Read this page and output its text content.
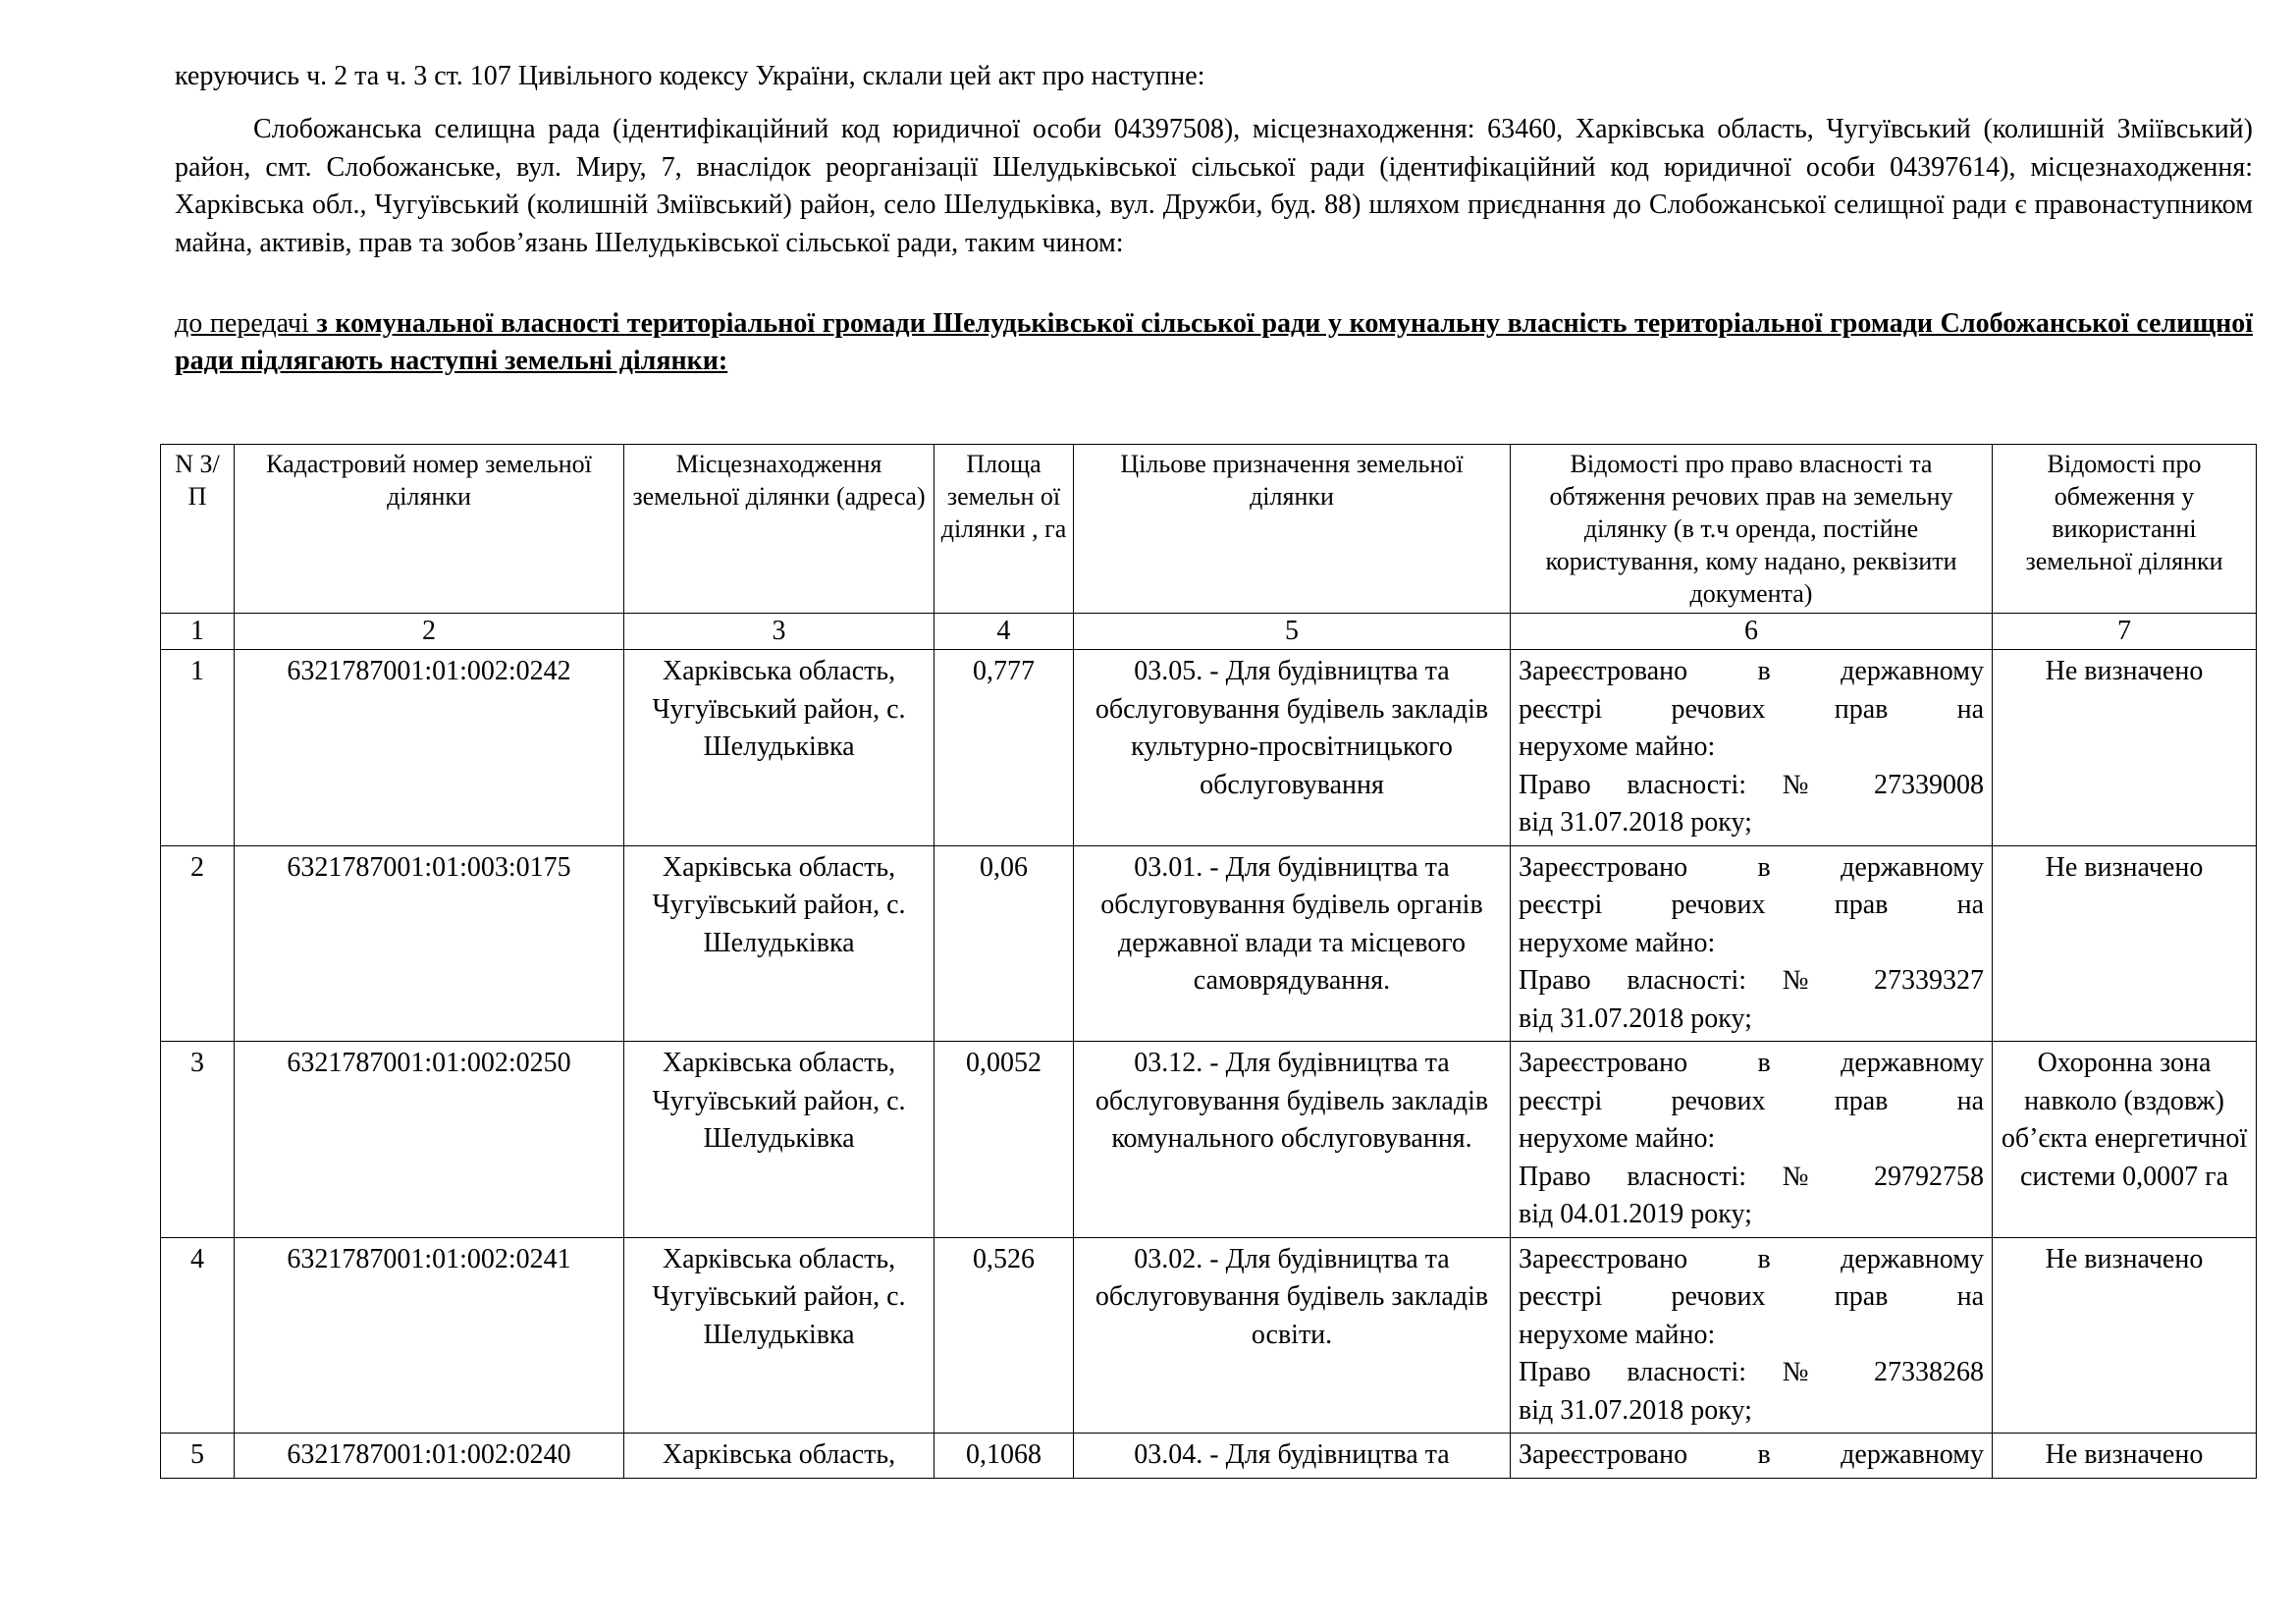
керуючись ч. 2 та ч. 3 ст. 107 Цивільного кодексу України, склали цей акт про наступне:
Слобожанська селищна рада (ідентифікаційний код юридичної особи 04397508), місцезнаходження: 63460, Харківська область, Чугуївський (колишній Зміївський) район, смт. Слобожанське, вул. Миру, 7, внаслідок реорганізації Шелудьківської сільської ради (ідентифікаційний код юридичної особи 04397614), місцезнаходження: Харківська обл., Чугуївський (колишній Зміївський) район, село Шелудьківка, вул. Дружби, буд. 88) шляхом приєднання до Слобожанської селищної ради є правонаступником майна, активів, прав та зобов’язань Шелудьківської сільської ради, таким чином:
до передачі з комунальної власності територіальної громади Шелудьківської сільської ради у комунальну власність територіальної громади Слобожанської селищної ради підлягають наступні земельні ділянки:
N З/ П	Кадастровий номер земельної ділянки	Місцезнаходження земельної ділянки (адреса)	Площа земельн ої ділянки , га	Цільове призначення земельної ділянки	Відомості про право власності та обтяження речових прав на земельну ділянку (в т.ч оренда, постійне користування, кому надано, реквізити документа)	Відомості про обмеження у використанні земельної ділянки
1	2	3	4	5	6	7
1	6321787001:01:002:0242	Харківська область, Чугуївський район, с. Шелудьківка	0,777	03.05. - Для будівництва та обслуговування будівель закладів культурно-просвітницького обслуговування	Зареєстровано в державному
реєстрі речових прав на
нерухоме майно:
Право власності: № 27339008
від 31.07.2018 року;	Не визначено
2	6321787001:01:003:0175	Харківська область, Чугуївський район, с. Шелудьківка	0,06	03.01. - Для будівництва та обслуговування будівель органів державної влади та місцевого самоврядування.	Зареєстровано в державному
реєстрі речових прав на
нерухоме майно:
Право власності: № 27339327
від 31.07.2018 року;	Не визначено
3	6321787001:01:002:0250	Харківська область, Чугуївський район, с. Шелудьківка	0,0052	03.12. - Для будівництва та обслуговування будівель закладів комунального обслуговування.	Зареєстровано в державному
реєстрі речових прав на
нерухоме майно:
Право власності: № 29792758
від 04.01.2019 року;	Охоронна зона навколо (вздовж) об’єкта енергетичної системи 0,0007 га
4	6321787001:01:002:0241	Харківська область, Чугуївський район, с. Шелудьківка	0,526	03.02. - Для будівництва та обслуговування будівель закладів освіти.	Зареєстровано в державному
реєстрі речових прав на
нерухоме майно:
Право власності: № 27338268
від 31.07.2018 року;	Не визначено
5	6321787001:01:002:0240	Харківська область,	0,1068	03.04. - Для будівництва та	Зареєстровано в державному	Не визначено
